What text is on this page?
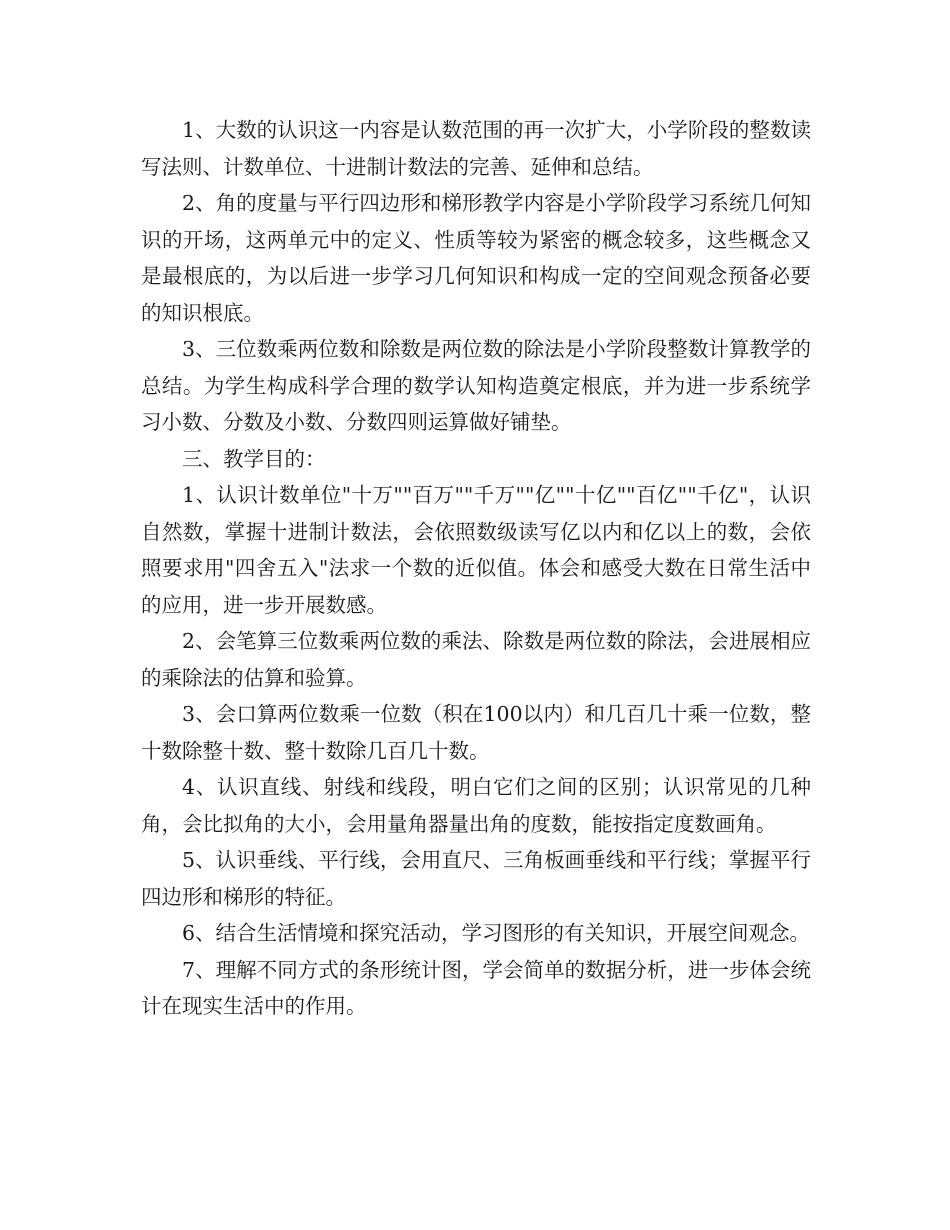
1、大数的认识这一内容是认数范围的再一次扩大，小学阶段的整数读写法则、计数单位、十进制计数法的完善、延伸和总结。

2、角的度量与平行四边形和梯形教学内容是小学阶段学习系统几何知识的开场，这两单元中的定义、性质等较为紧密的概念较多，这些概念又是最根底的，为以后进一步学习几何知识和构成一定的空间观念预备必要的知识根底。

3、三位数乘两位数和除数是两位数的除法是小学阶段整数计算教学的总结。为学生构成科学合理的数学认知构造奠定根底，并为进一步系统学习小数、分数及小数、分数四则运算做好铺垫。

三、教学目的：

1、认识计数单位"十万""百万""千万""亿""十亿""百亿""千亿"，认识自然数，掌握十进制计数法，会依照数级读写亿以内和亿以上的数，会依照要求用"四舍五入"法求一个数的近似值。体会和感受大数在日常生活中的应用，进一步开展数感。

2、会笔算三位数乘两位数的乘法、除数是两位数的除法，会进展相应的乘除法的估算和验算。

3、会口算两位数乘一位数（积在100以内）和几百几十乘一位数，整十数除整十数、整十数除几百几十数。

4、认识直线、射线和线段，明白它们之间的区别；认识常见的几种角，会比拟角的大小，会用量角器量出角的度数，能按指定度数画角。

5、认识垂线、平行线，会用直尺、三角板画垂线和平行线；掌握平行四边形和梯形的特征。

6、结合生活情境和探究活动，学习图形的有关知识，开展空间观念。

7、理解不同方式的条形统计图，学会简单的数据分析，进一步体会统计在现实生活中的作用。
